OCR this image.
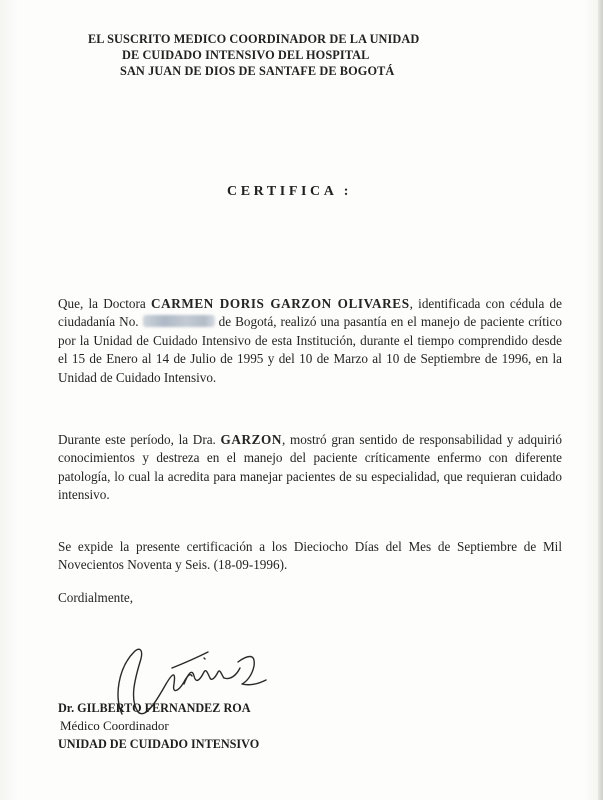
EL SUSCRITO MEDICO COORDINADOR DE LA UNIDAD
DE CUIDADO INTENSIVO DEL HOSPITAL
SAN JUAN DE DIOS DE SANTAFE DE BOGOTÁ
CERTIFICA :
Que, la Doctora CARMEN DORIS GARZON OLIVARES, identificada con cédula de ciudadanía No.	de Bogotá, realizó una pasantía en el manejo de paciente crítico por la Unidad de Cuidado Intensivo de esta Institución, durante el tiempo comprendido desde el 15 de Enero al 14 de Julio de 1995 y del 10 de Marzo al 10 de Septiembre de 1996, en la Unidad de Cuidado Intensivo.
Durante este período, la Dra. GARZON, mostró gran sentido de responsabilidad y adquirió conocimientos y destreza en el manejo del paciente críticamente enfermo con diferente patología, lo cual la acredita para manejar pacientes de su especialidad, que requieran cuidado intensivo.
Se expide la presente certificación a los Dieciocho Días del Mes de Septiembre de Mil Novecientos Noventa y Seis. (18-09-1996).
Cordialmente,
Dr. GILBERTO FERNANDEZ ROA
Médico Coordinador
UNIDAD DE CUIDADO INTENSIVO
